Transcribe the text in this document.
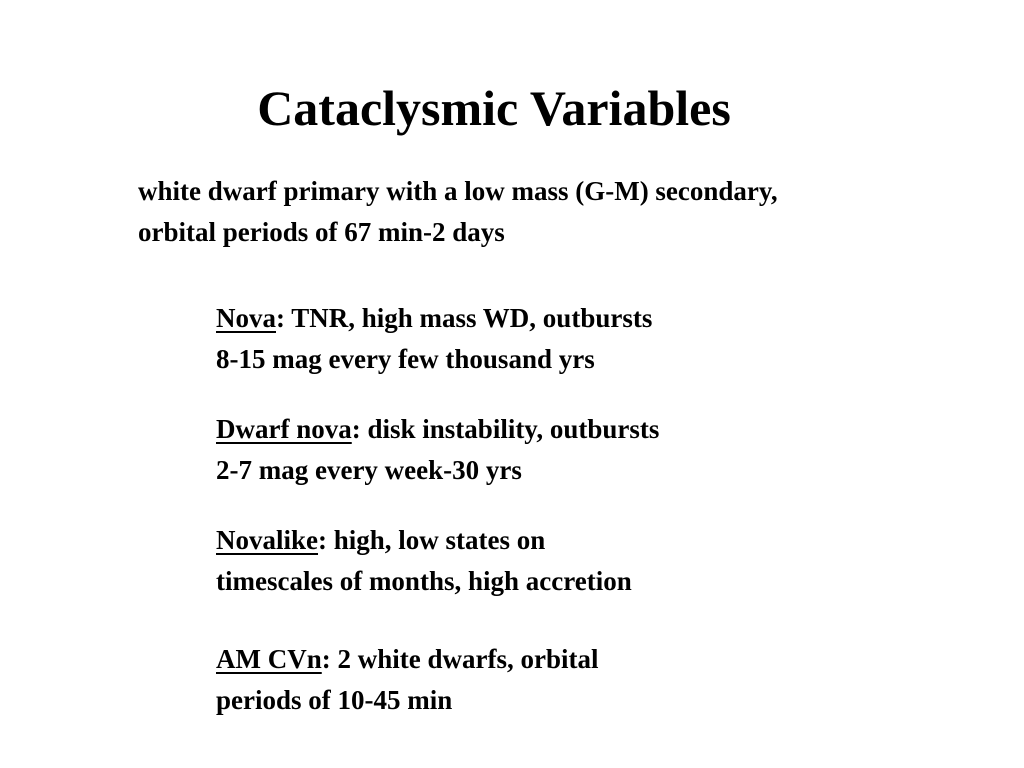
Cataclysmic Variables
white dwarf primary with a low mass (G-M) secondary,
orbital periods of 67 min-2 days
Nova: TNR, high mass WD, outbursts
8-15 mag every few thousand yrs
Dwarf nova: disk instability, outbursts
2-7 mag every week-30 yrs
Novalike: high, low states on
timescales of months, high accretion
AM CVn: 2 white dwarfs, orbital
periods of 10-45 min
